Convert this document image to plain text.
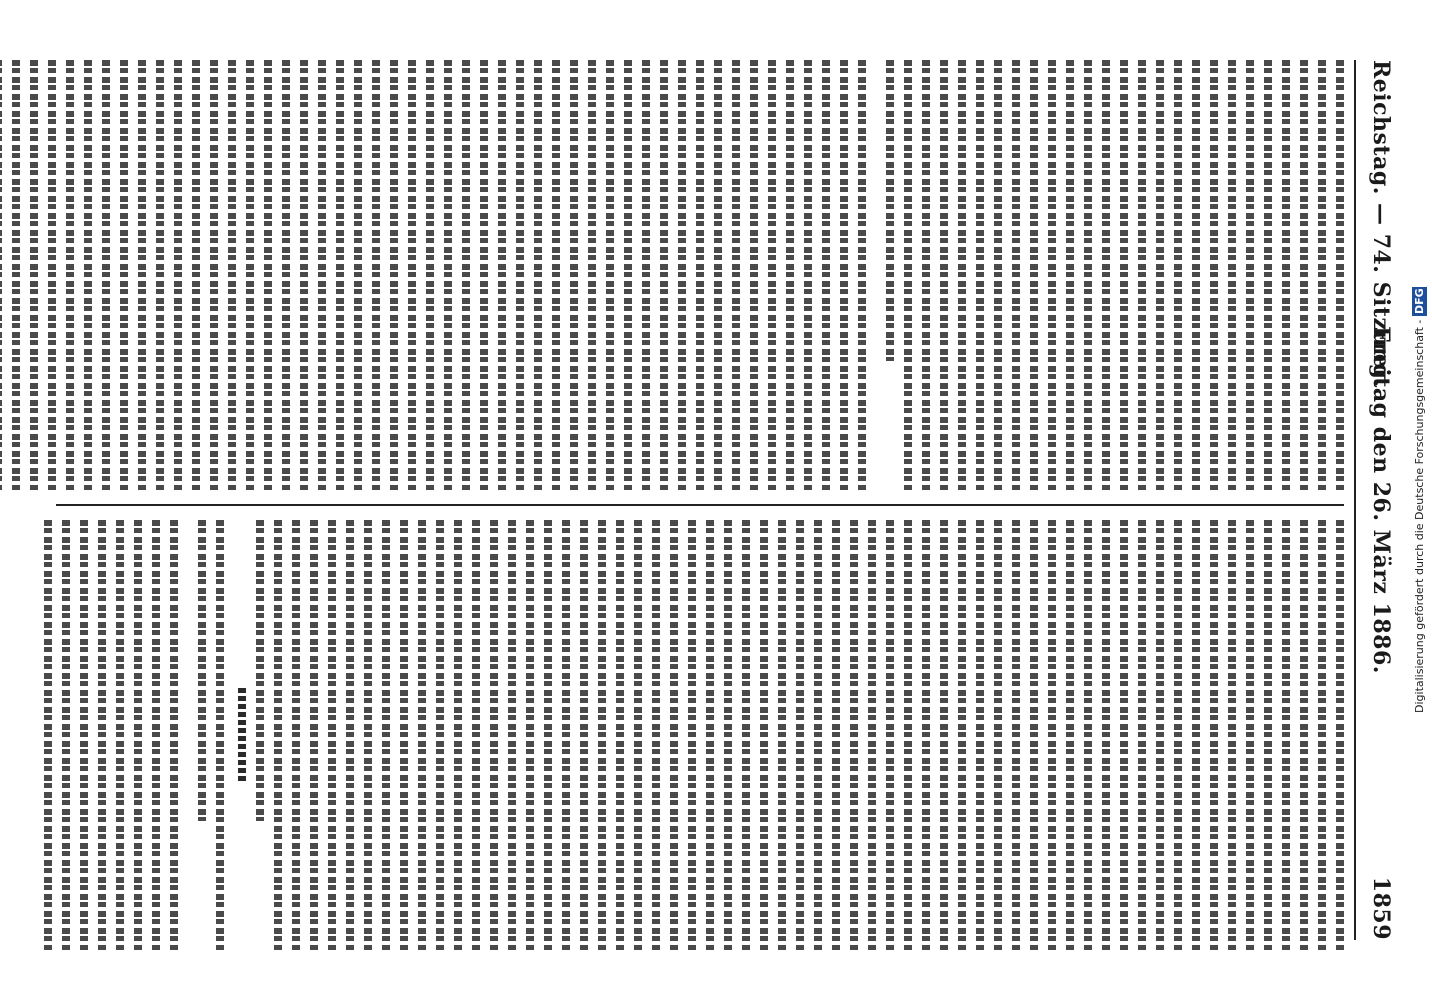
Reichstag. — 74. Sitzung.
Freitag den 26. März 1886.
1859
Digitalisierung gefördert durch die Deutsche Forschungsgemeinschaft - DFG
